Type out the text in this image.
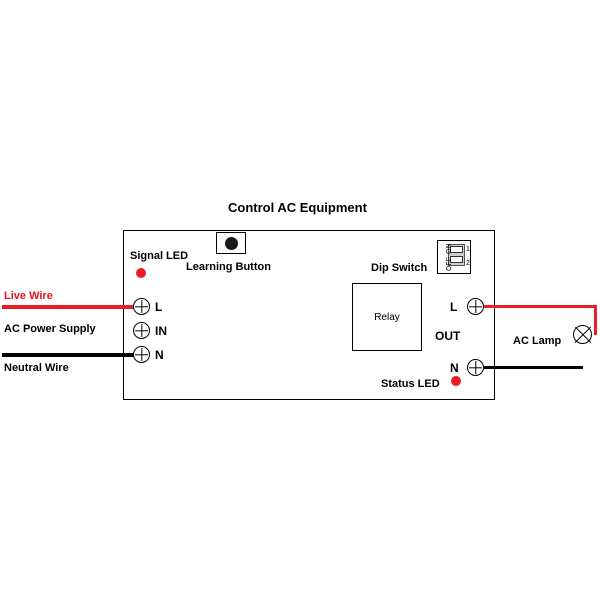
Control AC Equipment
L
IN
N
L
OUT
N
Learning Button
Signal LED
Relay
Dip Switch
1
2
ON
OFF
Status LED
Live Wire
AC Power Supply
Neutral Wire
AC Lamp
